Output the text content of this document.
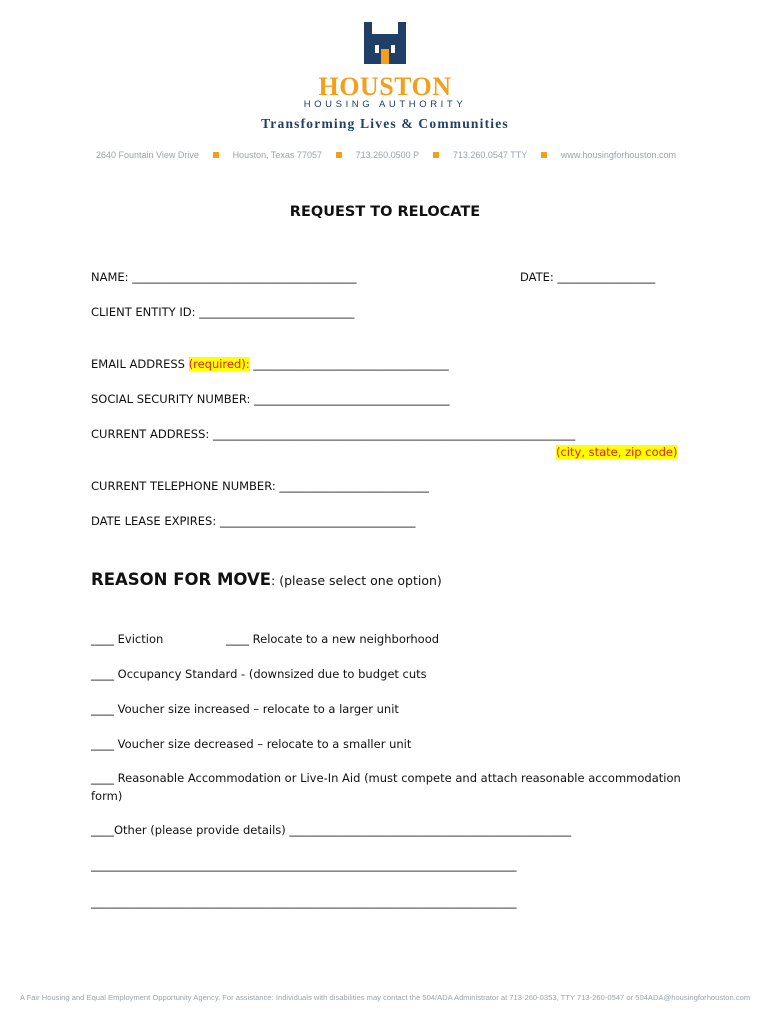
HOUSTON
HOUSING AUTHORITY
Transforming Lives & Communities
2640 Fountain View Drive	Houston, Texas 77057	713.260.0500 P	713.260.0547 TTY	www.housingforhouston.com
REQUEST TO RELOCATE
NAME: _______________________________________	DATE: _________________
CLIENT ENTITY ID: ___________________________
EMAIL ADDRESS (required): __________________________________
SOCIAL SECURITY NUMBER: __________________________________
CURRENT ADDRESS: _______________________________________________________________
(city, state, zip code)
CURRENT TELEPHONE NUMBER: __________________________
DATE LEASE EXPIRES: __________________________________
REASON FOR MOVE: (please select one option)
____ Eviction	____ Relocate to a new neighborhood
____ Occupancy Standard - (downsized due to budget cuts
____ Voucher size increased – relocate to a larger unit
____ Voucher size decreased – relocate to a smaller unit
____ Reasonable Accommodation or Live-In Aid (must compete and attach reasonable accommodation
form)
____Other (please provide details) _________________________________________________
__________________________________________________________________________
__________________________________________________________________________
A Fair Housing and Equal Employment Opportunity Agency. For assistance: Individuals with disabilities may contact the 504/ADA Administrator at 713-260-0353, TTY 713-260-0547 or 504ADA@housingforhouston.com
